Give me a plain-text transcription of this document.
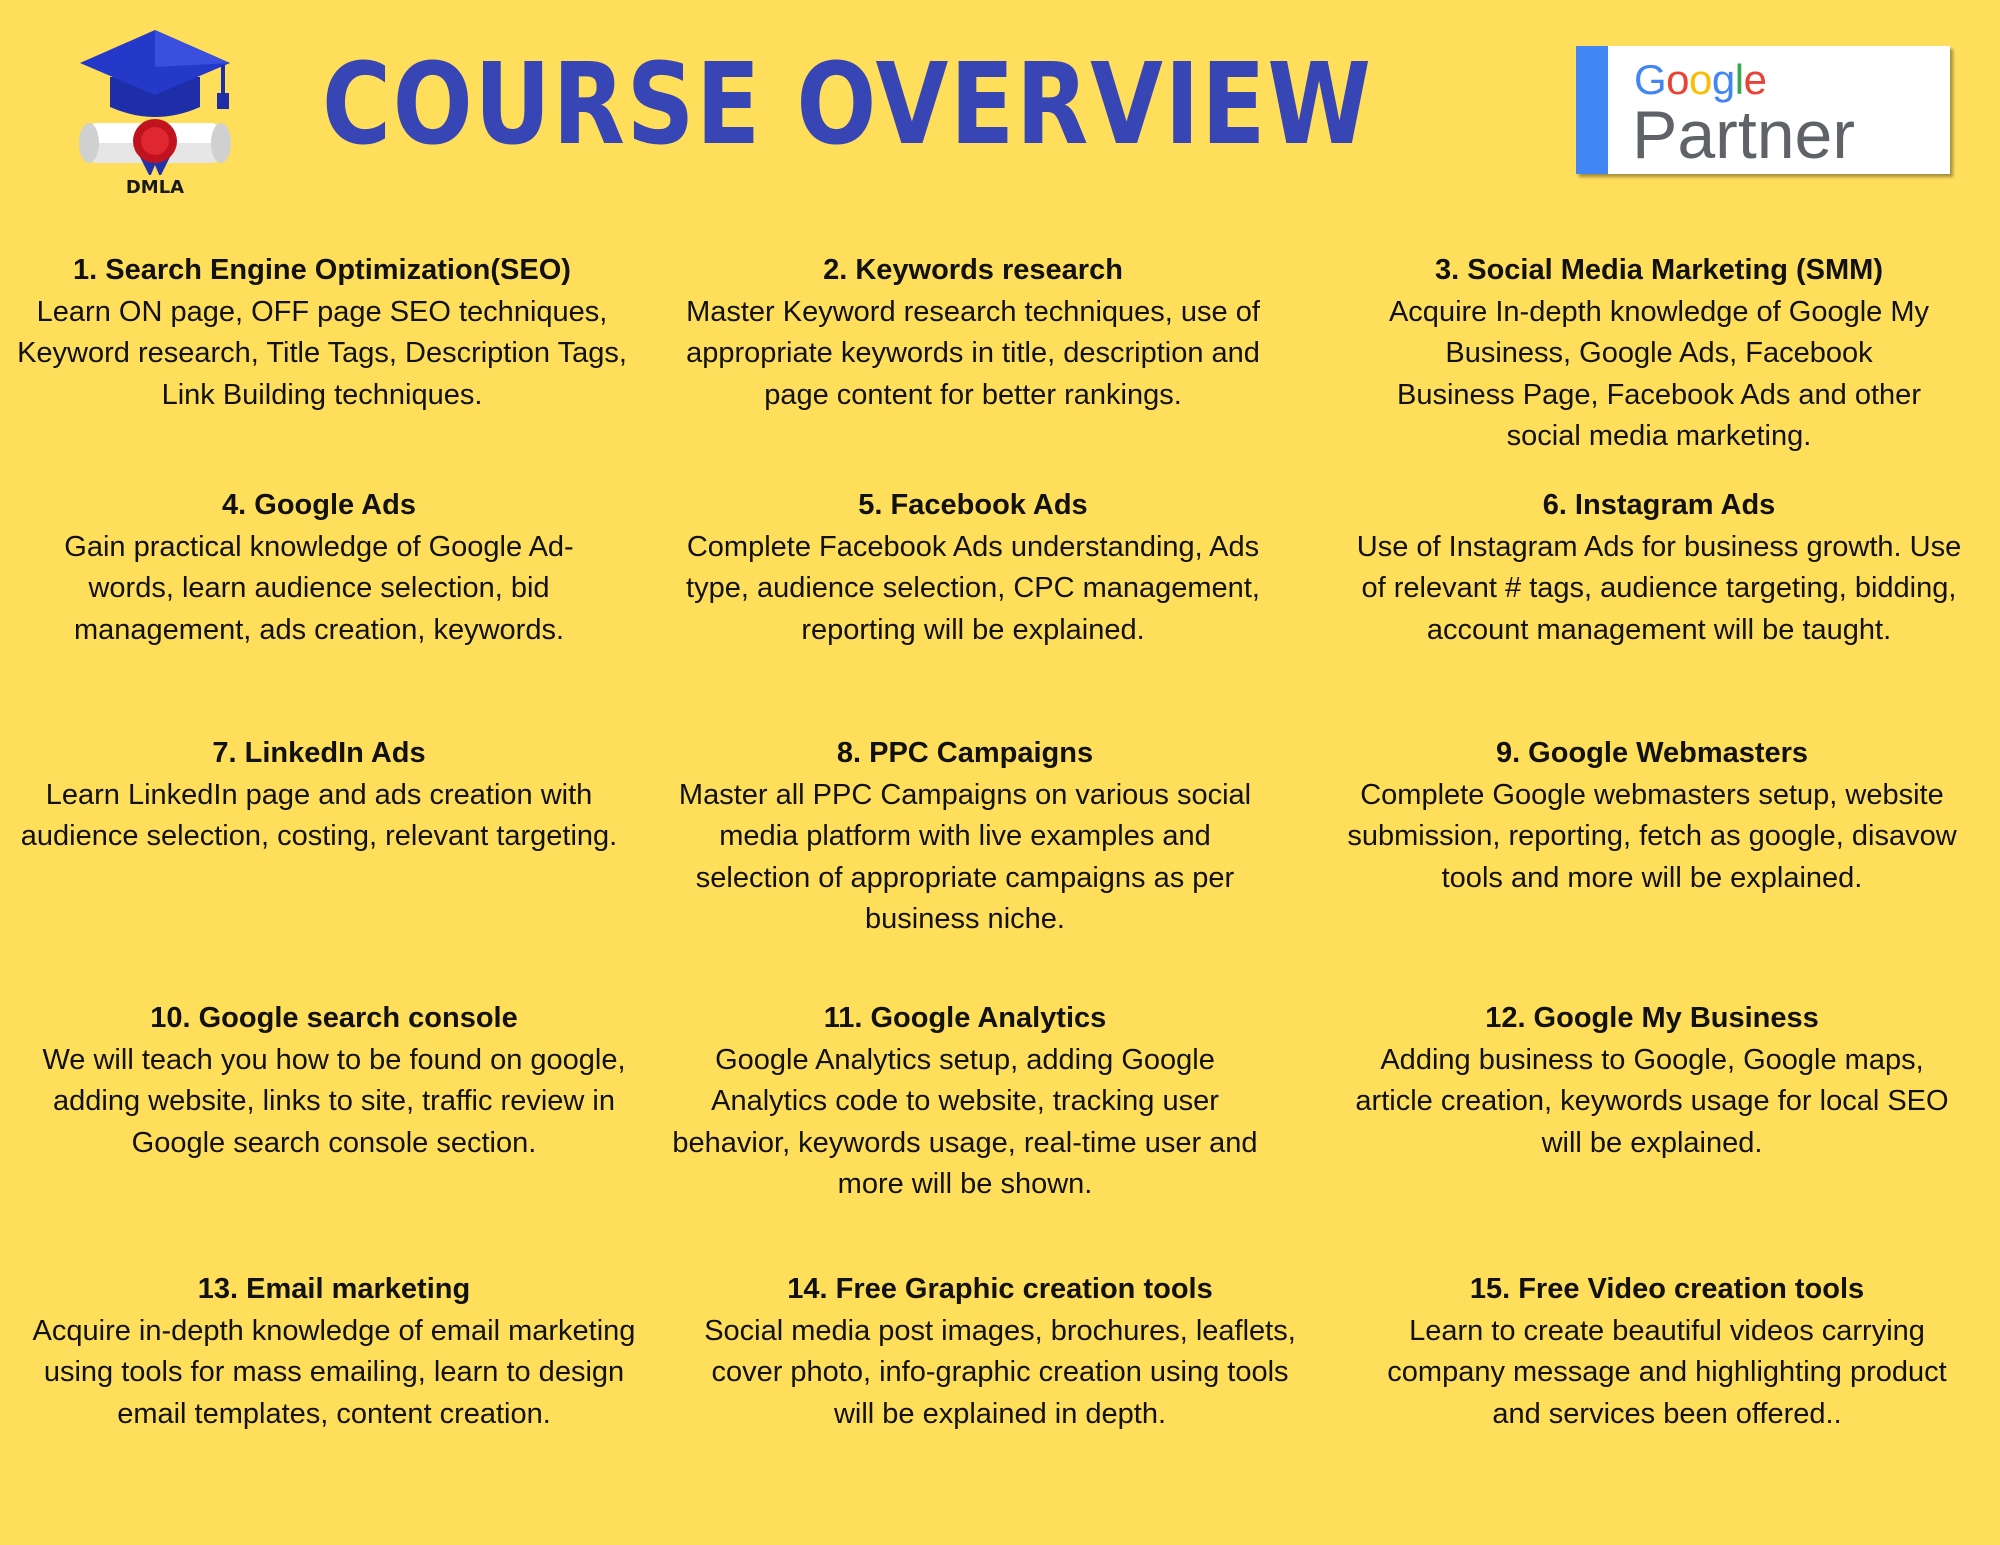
DMLA
COURSE OVERVIEW	Google
Partner
1. Search Engine Optimization(SEO)
Learn ON page, OFF page SEO techniques, Keyword research, Title Tags, Description Tags, Link Building techniques.
2. Keywords research
Master Keyword research techniques, use of appropriate keywords in title, description and page content for better rankings.
3. Social Media Marketing (SMM)
Acquire In-depth knowledge of Google My Business, Google Ads, Facebook Business Page, Facebook Ads and other social media marketing.
4. Google Ads
Gain practical knowledge of Google Ad-words, learn audience selection, bid management, ads creation, keywords.
5. Facebook Ads
Complete Facebook Ads understanding, Ads type, audience selection, CPC management, reporting will be explained.
6. Instagram Ads
Use of Instagram Ads for business growth. Use of relevant # tags, audience targeting, bidding, account management will be taught.
7. LinkedIn Ads
Learn LinkedIn page and ads creation with audience selection, costing, relevant targeting.
8. PPC Campaigns
Master all PPC Campaigns on various social media platform with live examples and selection of appropriate campaigns as per business niche.
9. Google Webmasters
Complete Google webmasters setup, website submission, reporting, fetch as google, disavow tools and more will be explained.
10. Google search console
We will teach you how to be found on google, adding website, links to site, traffic review in Google search console section.
11. Google Analytics
Google Analytics setup, adding Google Analytics code to website, tracking user behavior, keywords usage, real-time user and more will be shown.
12. Google My Business
Adding business to Google, Google maps, article creation, keywords usage for local SEO will be explained.
13. Email marketing
Acquire in-depth knowledge of email marketing using tools for mass emailing, learn to design email templates, content creation.
14. Free Graphic creation tools
Social media post images, brochures, leaflets, cover photo, info-graphic creation using tools will be explained in depth.
15. Free Video creation tools
Learn to create beautiful videos carrying company message and highlighting product and services been offered..
